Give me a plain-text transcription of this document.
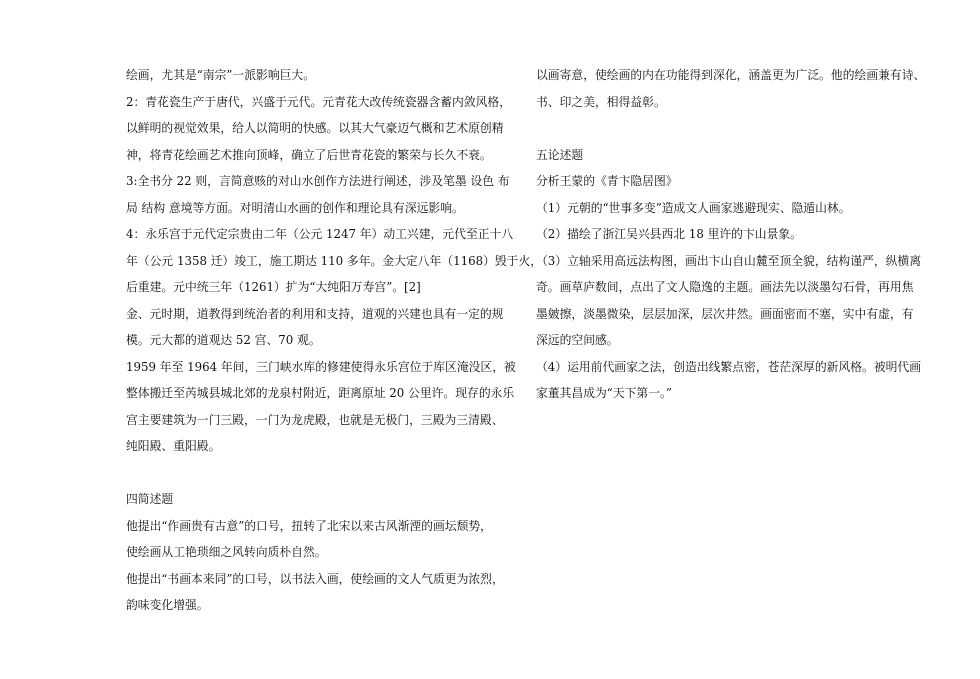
绘画，尤其是“南宗”一派影响巨大。
2：青花瓷生产于唐代，兴盛于元代。元青花大改传统瓷器含蓄内敛风格，
以鲜明的视觉效果，给人以简明的快感。以其大气豪迈气概和艺术原创精
神，将青花绘画艺术推向顶峰，确立了后世青花瓷的繁荣与长久不衰。
3:全书分 22 则，言简意赅的对山水创作方法进行阐述，涉及笔墨 设色 布
局 结构 意境等方面。对明清山水画的创作和理论具有深远影响。
4：永乐宫于元代定宗贵由二年（公元 1247 年）动工兴建，元代至正十八
年（公元 1358 迁）竣工，施工期达 110 多年。金大定八年（1168）毁于火，
后重建。元中统三年（1261）扩为“大纯阳万寿宫”。[2]
金、元时期，道教得到统治者的利用和支持，道观的兴建也具有一定的规
模。元大都的道观达 52 宫、70 观。
1959 年至 1964 年间，三门峡水库的修建使得永乐宫位于库区淹没区，被
整体搬迁至芮城县城北郊的龙泉村附近，距离原址 20 公里许。现存的永乐
宫主要建筑为一门三殿，一门为龙虎殿，也就是无极门，三殿为三清殿、
纯阳殿、重阳殿。
四简述题
他提出“作画贵有古意”的口号，扭转了北宋以来古风渐湮的画坛颓势，
使绘画从工艳琐细之风转向质朴自然。
他提出“书画本来同”的口号，以书法入画，使绘画的文人气质更为浓烈，
韵味变化增强。
以画寄意，使绘画的内在功能得到深化，涵盖更为广泛。他的绘画兼有诗、
书、印之美，相得益彰。
五论述题
分析王蒙的《青卞隐居图》
（1）元朝的“世事多变”造成文人画家逃避现实、隐遁山林。
（2）描绘了浙江吴兴县西北 18 里许的卞山景象。
（3）立轴采用高远法构图，画出卞山自山麓至顶全貌，结构谨严，纵横离
奇。画草庐数间，点出了文人隐逸的主题。画法先以淡墨勾石骨，再用焦
墨皴擦，淡墨微染，层层加深，层次井然。画面密而不塞，实中有虚，有
深远的空间感。
（4）运用前代画家之法，创造出线繁点密，苍茫深厚的新风格。被明代画
家董其昌成为“天下第一。”
